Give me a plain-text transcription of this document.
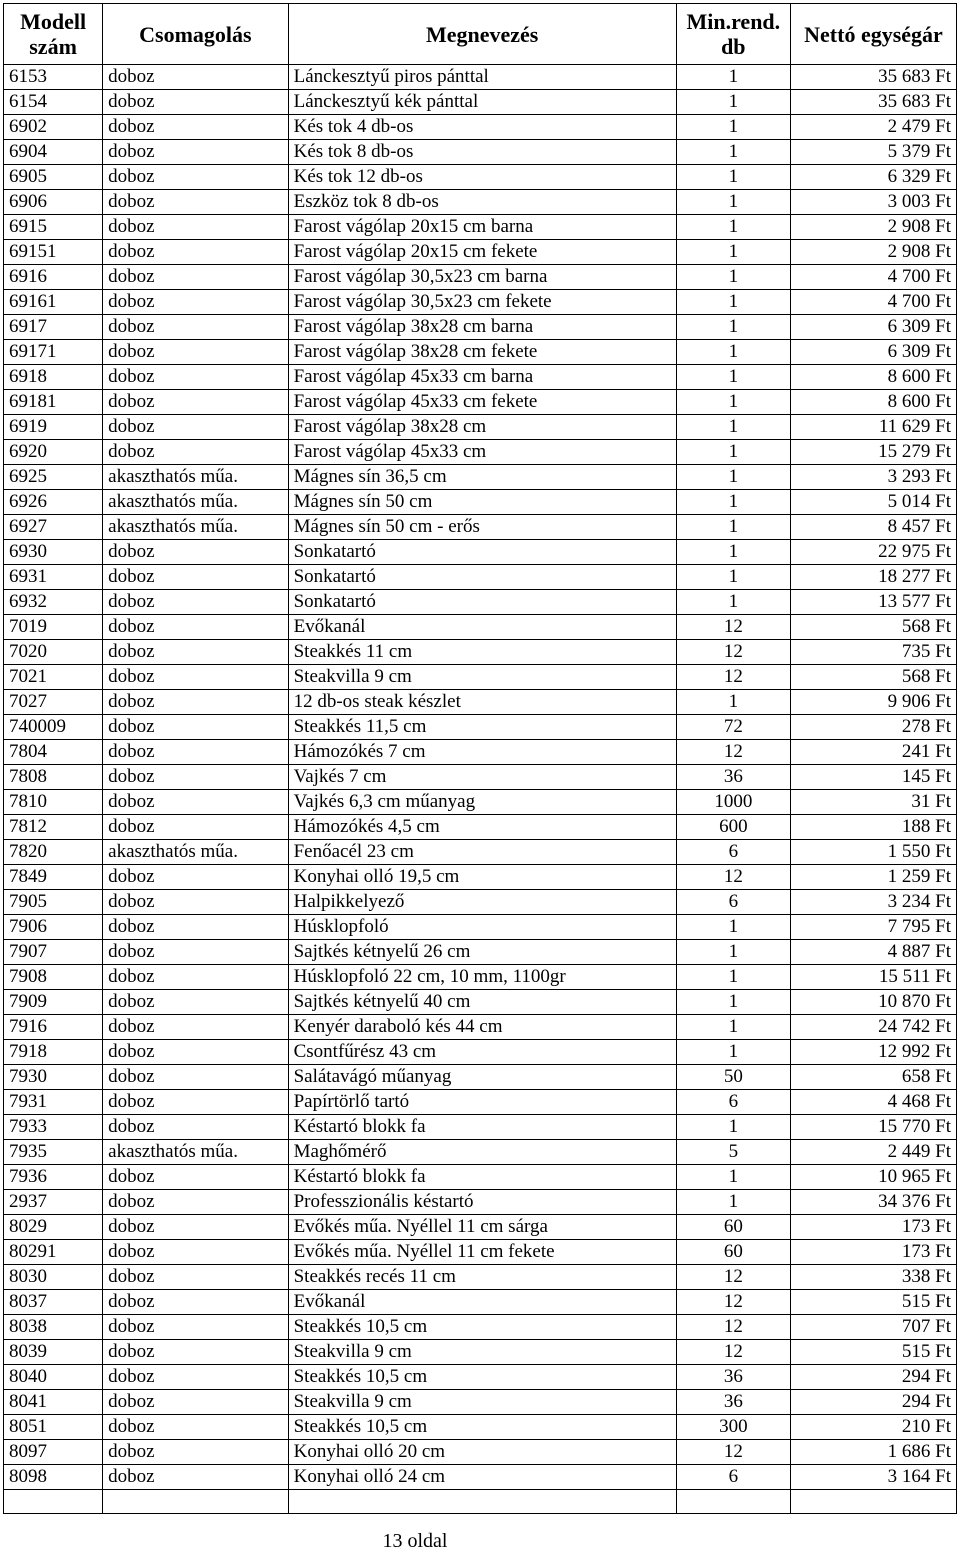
Modell szám	Csomagolás	Megnevezés	Min.rend. db	Nettó egységár
6153	doboz	Lánckesztyű piros pánttal	1	35 683 Ft
6154	doboz	Lánckesztyű kék pánttal	1	35 683 Ft
6902	doboz	Kés tok 4 db-os	1	2 479 Ft
6904	doboz	Kés tok 8 db-os	1	5 379 Ft
6905	doboz	Kés tok 12 db-os	1	6 329 Ft
6906	doboz	Eszköz tok 8 db-os	1	3 003 Ft
6915	doboz	Farost vágólap 20x15 cm barna	1	2 908 Ft
69151	doboz	Farost vágólap 20x15 cm fekete	1	2 908 Ft
6916	doboz	Farost vágólap 30,5x23 cm barna	1	4 700 Ft
69161	doboz	Farost vágólap 30,5x23 cm fekete	1	4 700 Ft
6917	doboz	Farost vágólap 38x28 cm barna	1	6 309 Ft
69171	doboz	Farost vágólap 38x28 cm fekete	1	6 309 Ft
6918	doboz	Farost vágólap 45x33 cm barna	1	8 600 Ft
69181	doboz	Farost vágólap 45x33 cm fekete	1	8 600 Ft
6919	doboz	Farost vágólap 38x28 cm	1	11 629 Ft
6920	doboz	Farost vágólap 45x33 cm	1	15 279 Ft
6925	akaszthatós műa.	Mágnes sín 36,5 cm	1	3 293 Ft
6926	akaszthatós műa.	Mágnes sín 50 cm	1	5 014 Ft
6927	akaszthatós műa.	Mágnes sín 50 cm - erős	1	8 457 Ft
6930	doboz	Sonkatartó	1	22 975 Ft
6931	doboz	Sonkatartó	1	18 277 Ft
6932	doboz	Sonkatartó	1	13 577 Ft
7019	doboz	Evőkanál	12	568 Ft
7020	doboz	Steakkés 11 cm	12	735 Ft
7021	doboz	Steakvilla 9 cm	12	568 Ft
7027	doboz	12 db-os steak készlet	1	9 906 Ft
740009	doboz	Steakkés 11,5 cm	72	278 Ft
7804	doboz	Hámozókés 7 cm	12	241 Ft
7808	doboz	Vajkés 7 cm	36	145 Ft
7810	doboz	Vajkés 6,3 cm műanyag	1000	31 Ft
7812	doboz	Hámozókés 4,5 cm	600	188 Ft
7820	akaszthatós műa.	Fenőacél 23 cm	6	1 550 Ft
7849	doboz	Konyhai olló 19,5 cm	12	1 259 Ft
7905	doboz	Halpikkelyező	6	3 234 Ft
7906	doboz	Húsklopfoló	1	7 795 Ft
7907	doboz	Sajtkés kétnyelű 26 cm	1	4 887 Ft
7908	doboz	Húsklopfoló 22 cm, 10 mm, 1100gr	1	15 511 Ft
7909	doboz	Sajtkés kétnyelű 40 cm	1	10 870 Ft
7916	doboz	Kenyér daraboló kés 44 cm	1	24 742 Ft
7918	doboz	Csontfűrész 43 cm	1	12 992 Ft
7930	doboz	Salátavágó műanyag	50	658 Ft
7931	doboz	Papírtörlő tartó	6	4 468 Ft
7933	doboz	Késtartó blokk fa	1	15 770 Ft
7935	akaszthatós műa.	Maghőmérő	5	2 449 Ft
7936	doboz	Késtartó blokk fa	1	10 965 Ft
2937	doboz	Professzionális késtartó	1	34 376 Ft
8029	doboz	Evőkés műa. Nyéllel 11 cm sárga	60	173 Ft
80291	doboz	Evőkés műa. Nyéllel 11 cm fekete	60	173 Ft
8030	doboz	Steakkés recés 11 cm	12	338 Ft
8037	doboz	Evőkanál	12	515 Ft
8038	doboz	Steakkés 10,5 cm	12	707 Ft
8039	doboz	Steakvilla 9 cm	12	515 Ft
8040	doboz	Steakkés 10,5 cm	36	294 Ft
8041	doboz	Steakvilla 9 cm	36	294 Ft
8051	doboz	Steakkés 10,5 cm	300	210 Ft
8097	doboz	Konyhai olló 20 cm	12	1 686 Ft
8098	doboz	Konyhai olló 24 cm	6	3 164 Ft

13 oldal
